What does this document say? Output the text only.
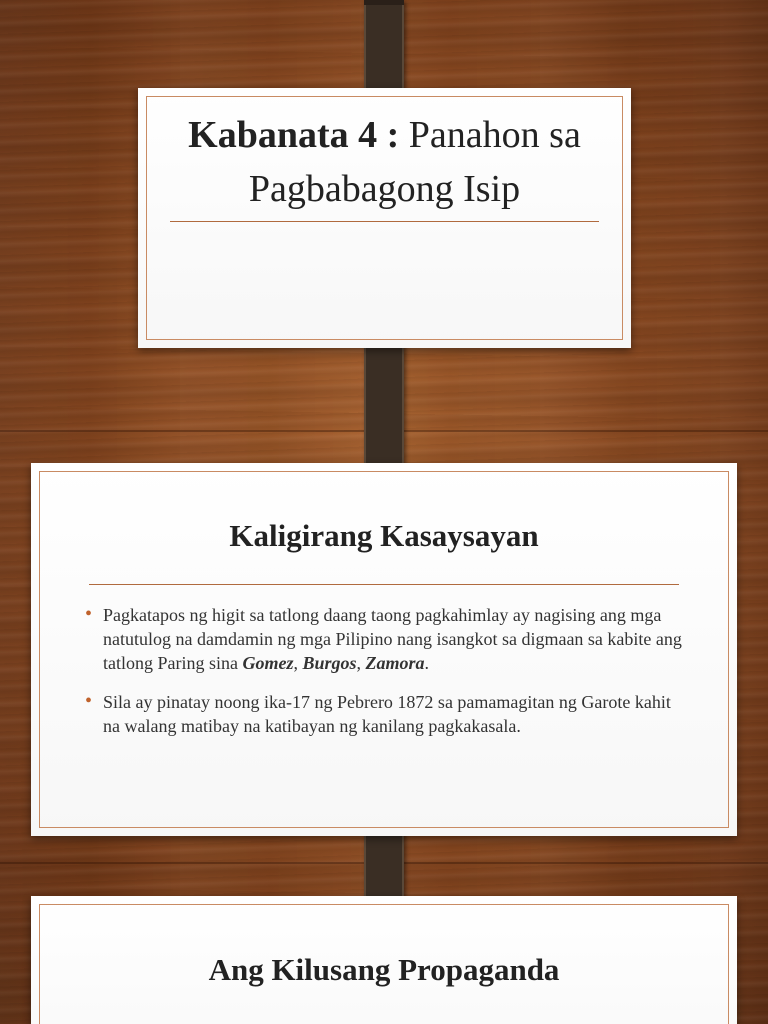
Kabanata 4 : Panahon sa Pagbabagong Isip
Kaligirang Kasaysayan
• Pagkatapos ng higit sa tatlong daang taong pagkahimlay ay nagising ang mga natutulog na damdamin ng mga Pilipino nang isangkot sa digmaan sa kabite ang tatlong Paring sina Gomez, Burgos, Zamora.
• Sila ay pinatay noong ika-17 ng Pebrero 1872 sa pamamagitan ng Garote kahit na walang matibay na katibayan ng kanilang pagkakasala.
Ang Kilusang Propaganda
